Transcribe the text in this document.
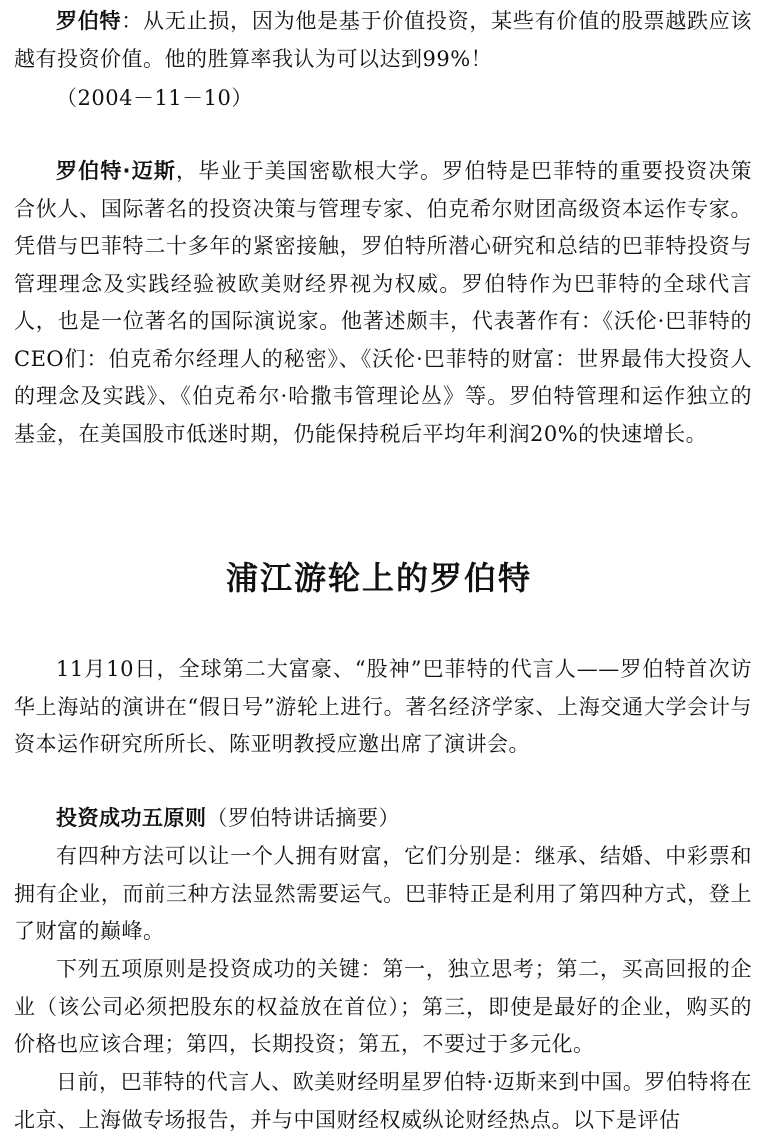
罗伯特：从无止损，因为他是基于价值投资，某些有价值的股票越跌应该越有投资价值。他的胜算率我认为可以达到99%！

（2004－11－10）

罗伯特·迈斯，毕业于美国密歇根大学。罗伯特是巴菲特的重要投资决策合伙人、国际著名的投资决策与管理专家、伯克希尔财团高级资本运作专家。凭借与巴菲特二十多年的紧密接触，罗伯特所潜心研究和总结的巴菲特投资与管理理念及实践经验被欧美财经界视为权威。罗伯特作为巴菲特的全球代言人，也是一位著名的国际演说家。他著述颇丰，代表著作有：《沃伦·巴菲特的CEO们：伯克希尔经理人的秘密》、《沃伦·巴菲特的财富：世界最伟大投资人的理念及实践》、《伯克希尔·哈撒韦管理论丛》等。罗伯特管理和运作独立的基金，在美国股市低迷时期，仍能保持税后平均年利润20%的快速增长。

浦江游轮上的罗伯特

11月10日，全球第二大富豪、“股神”巴菲特的代言人——罗伯特首次访华上海站的演讲在“假日号”游轮上进行。著名经济学家、上海交通大学会计与资本运作研究所所长、陈亚明教授应邀出席了演讲会。

投资成功五原则（罗伯特讲话摘要）

有四种方法可以让一个人拥有财富，它们分别是：继承、结婚、中彩票和拥有企业，而前三种方法显然需要运气。巴菲特正是利用了第四种方式，登上了财富的巅峰。

下列五项原则是投资成功的关键：第一，独立思考；第二，买高回报的企业（该公司必须把股东的权益放在首位）；第三，即使是最好的企业，购买的价格也应该合理；第四，长期投资；第五，不要过于多元化。

日前，巴菲特的代言人、欧美财经明星罗伯特·迈斯来到中国。罗伯特将在北京、上海做专场报告，并与中国财经权威纵论财经热点。以下是评估
